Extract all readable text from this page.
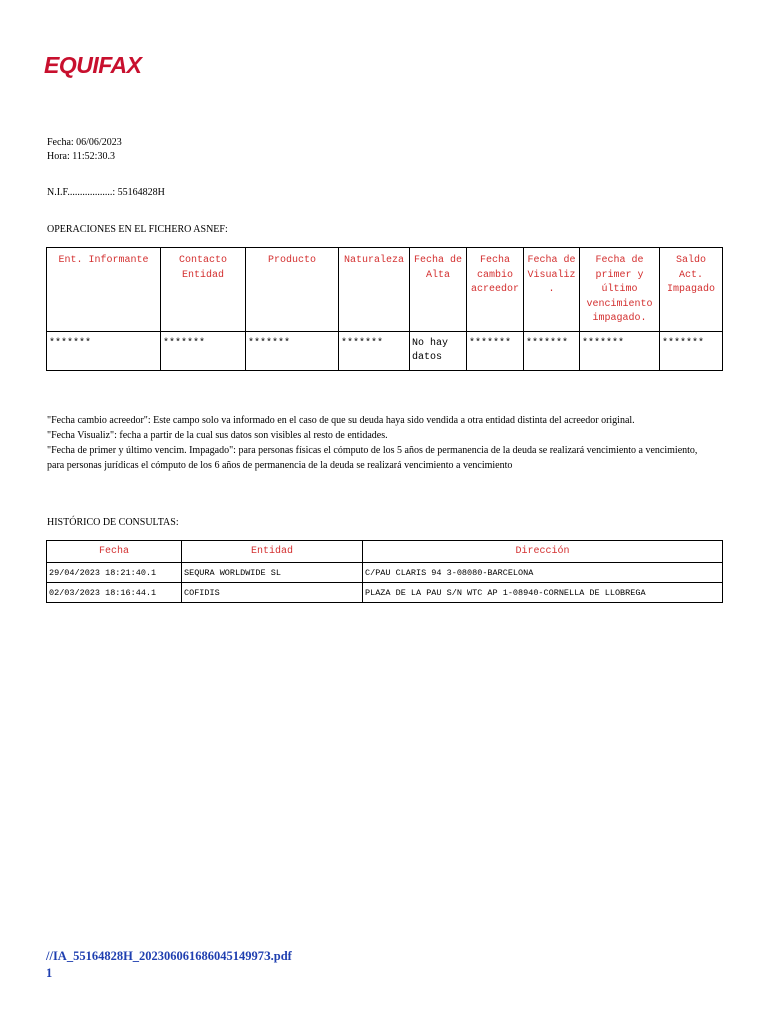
EQUIFAX
Fecha: 06/06/2023
Hora: 11:52:30.3
N.I.F..................: 55164828H
OPERACIONES EN EL FICHERO ASNEF:
Ent. Informante	Contacto Entidad	Producto	Naturaleza	Fecha de Alta	Fecha cambio acreedor	Fecha de Visualiz .	Fecha de primer y último vencimiento impagado.	Saldo Act. Impagado
*******	*******	*******	*******	No hay datos	*******	*******	*******	*******
"Fecha cambio acreedor": Este campo solo va informado en el caso de que su deuda haya sido vendida a otra entidad distinta del acreedor original.
"Fecha Visualiz": fecha a partir de la cual sus datos son visibles al resto de entidades.
"Fecha de primer y último vencim. Impagado": para personas físicas el cómputo de los 5 años de permanencia de la deuda se realizará vencimiento a vencimiento,
para personas jurídicas el cómputo de los 6 años de permanencia de la deuda se realizará vencimiento a vencimiento
HISTÓRICO DE CONSULTAS:
Fecha	Entidad	Dirección
29/04/2023 18:21:40.1	SEQURA WORLDWIDE SL	C/PAU CLARIS 94 3-08080-BARCELONA
02/03/2023 18:16:44.1	COFIDIS	PLAZA DE LA PAU S/N WTC AP 1-08940-CORNELLA DE LLOBREGA
//IA_55164828H_20230606168604514997З.pdf
1
